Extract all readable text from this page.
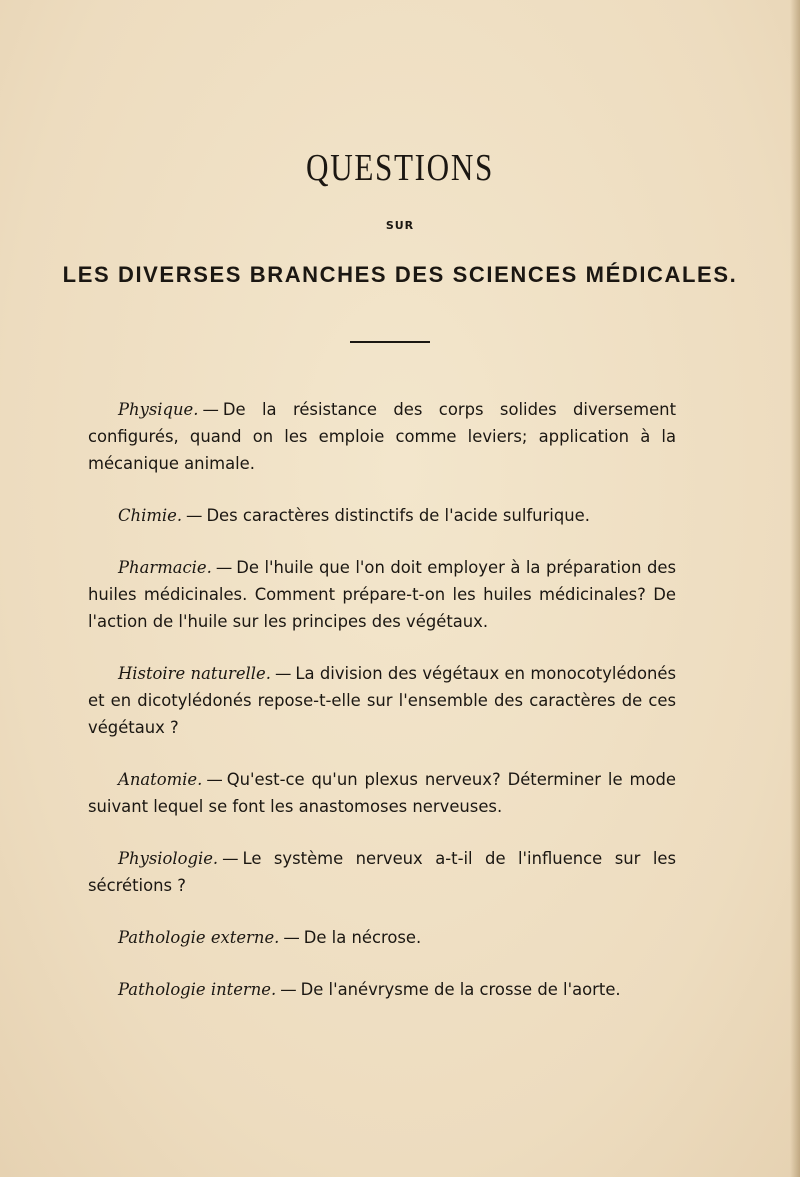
QUESTIONS
SUR
LES DIVERSES BRANCHES DES SCIENCES MÉDICALES.

Physique. — De la résistance des corps solides diversement configurés, quand on les emploie comme leviers; application à la mécanique animale.

Chimie. — Des caractères distinctifs de l'acide sulfurique.

Pharmacie. — De l'huile que l'on doit employer à la préparation des huiles médicinales. Comment prépare-t-on les huiles médicinales? De l'action de l'huile sur les principes des végétaux.

Histoire naturelle. — La division des végétaux en monocotylédonés et en dicotylédonés repose-t-elle sur l'ensemble des caractères de ces végétaux ?

Anatomie. — Qu'est-ce qu'un plexus nerveux? Déterminer le mode suivant lequel se font les anastomoses nerveuses.

Physiologie. — Le système nerveux a-t-il de l'influence sur les sécrétions ?

Pathologie externe. — De la nécrose.

Pathologie interne. — De l'anévrysme de la crosse de l'aorte.
